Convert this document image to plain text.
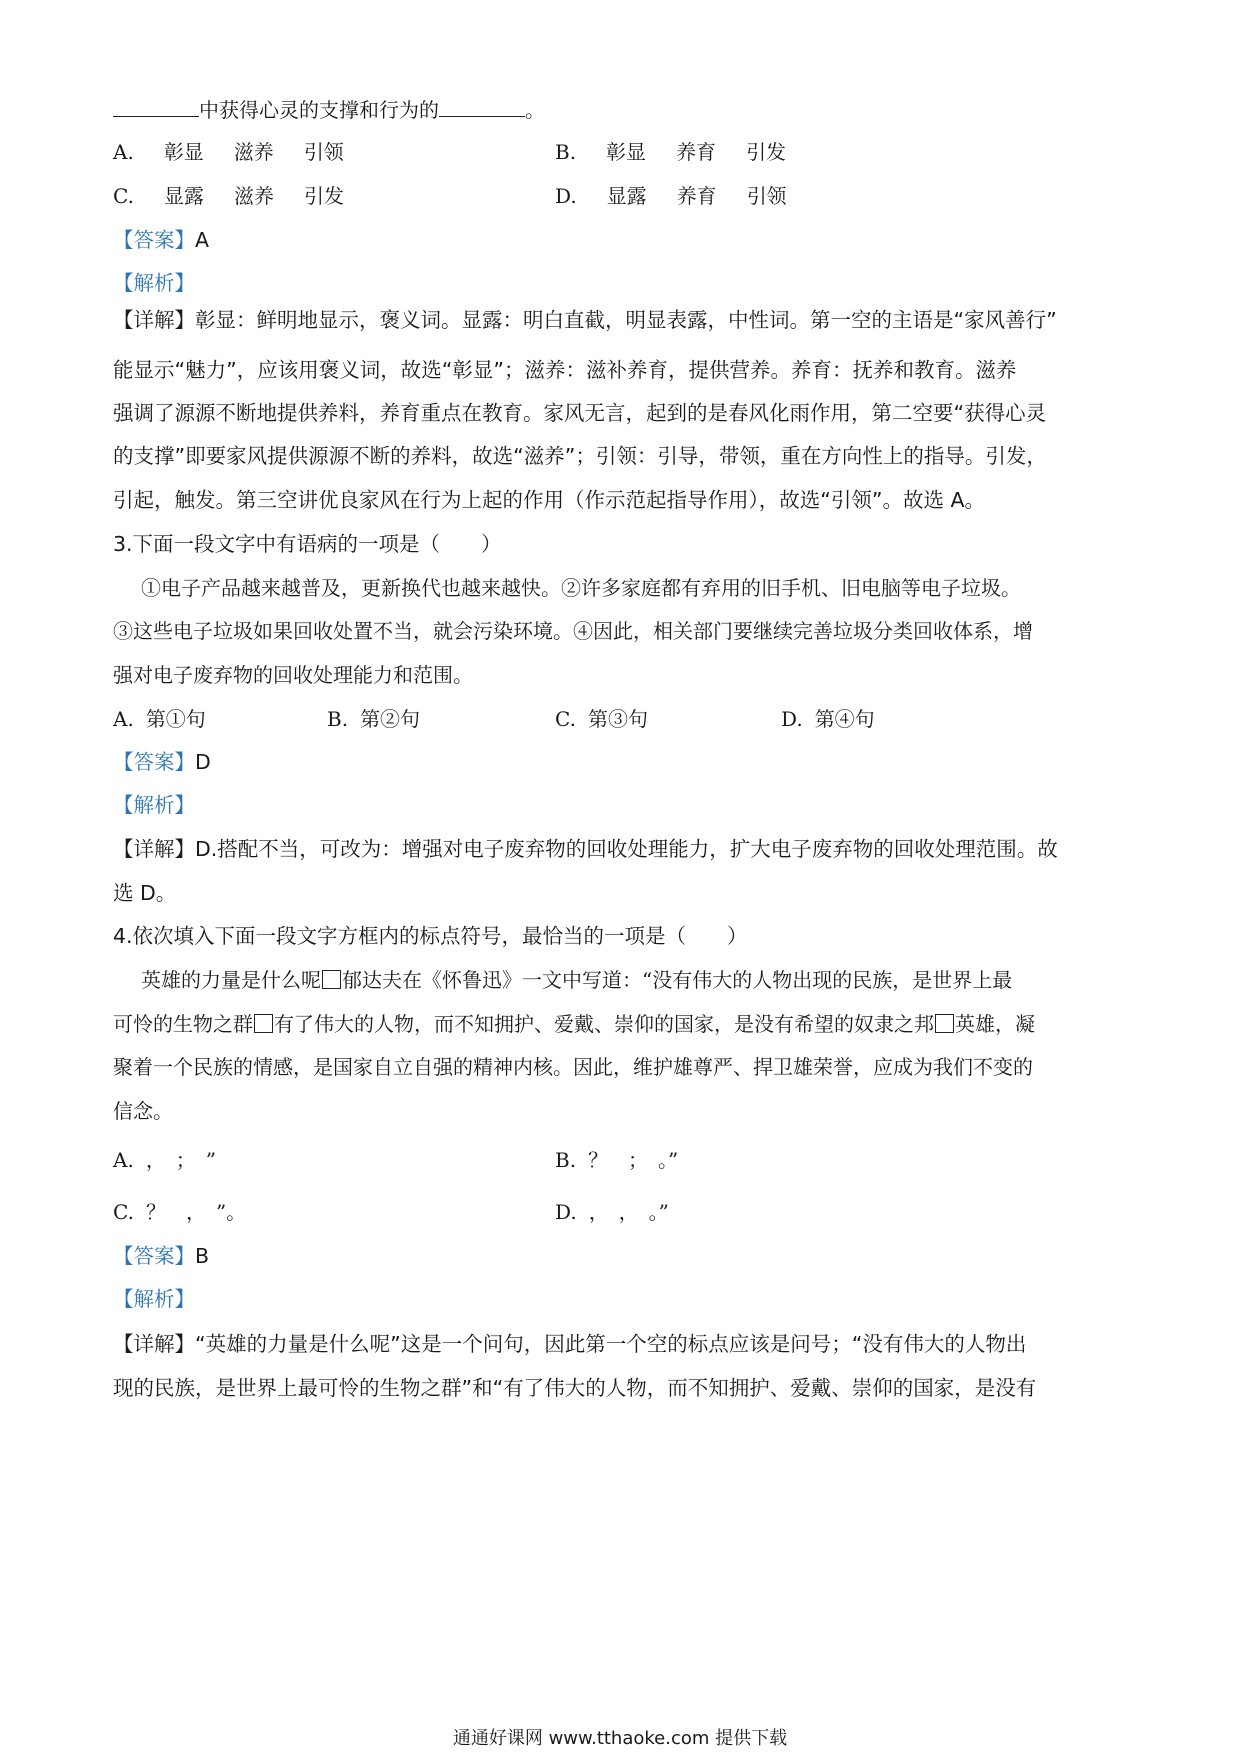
中获得心灵的支撑和行为的	。
A. 彰显 滋养 引领	B. 彰显 养育 引发
C. 显露 滋养 引发	D. 显露 养育 引领
【答案】A
【解析】
【详解】彰显：鲜明地显示，褒义词。显露：明白直截，明显表露，中性词。第一空的主语是“家风善行”
能显示“魅力”，应该用褒义词，故选“彰显”；滋养：滋补养育，提供营养。养育：抚养和教育。滋养
强调了源源不断地提供养料，养育重点在教育。家风无言，起到的是春风化雨作用，第二空要“获得心灵
的支撑”即要家风提供源源不断的养料，故选“滋养”；引领：引导，带领，重在方向性上的指导。引发，
引起，触发。第三空讲优良家风在行为上起的作用（作示范起指导作用），故选“引领”。故选 A。
3.下面一段文字中有语病的一项是（　　）
①电子产品越来越普及，更新换代也越来越快。②许多家庭都有弃用的旧手机、旧电脑等电子垃圾。
③这些电子垃圾如果回收处置不当，就会污染环境。④因此，相关部门要继续完善垃圾分类回收体系，增
强对电子废弃物的回收处理能力和范围。
A. 第①句	B. 第②句	C. 第③句	D. 第④句
【答案】D
【解析】
【详解】D.搭配不当，可改为：增强对电子废弃物的回收处理能力，扩大电子废弃物的回收处理范围。故
选 D。
4.依次填入下面一段文字方框内的标点符号，最恰当的一项是（　　）
英雄的力量是什么呢 郁达夫在《怀鲁迅》一文中写道：“没有伟大的人物出现的民族，是世界上最
可怜的生物之群 有了伟大的人物，而不知拥护、爱戴、崇仰的国家，是没有希望的奴隶之邦 英雄，凝
聚着一个民族的情感，是国家自立自强的精神内核。因此，维护雄尊严、捍卫雄荣誉，应成为我们不变的
信念。
A. ，　；　”	B. ？　；　。”
C. ？　，　”。	D. ，　，　。”
【答案】B
【解析】
【详解】“英雄的力量是什么呢”这是一个问句，因此第一个空的标点应该是问号；“没有伟大的人物出
现的民族，是世界上最可怜的生物之群”和“有了伟大的人物，而不知拥护、爱戴、崇仰的国家，是没有
通通好课网 www.tthaoke.com 提供下载
